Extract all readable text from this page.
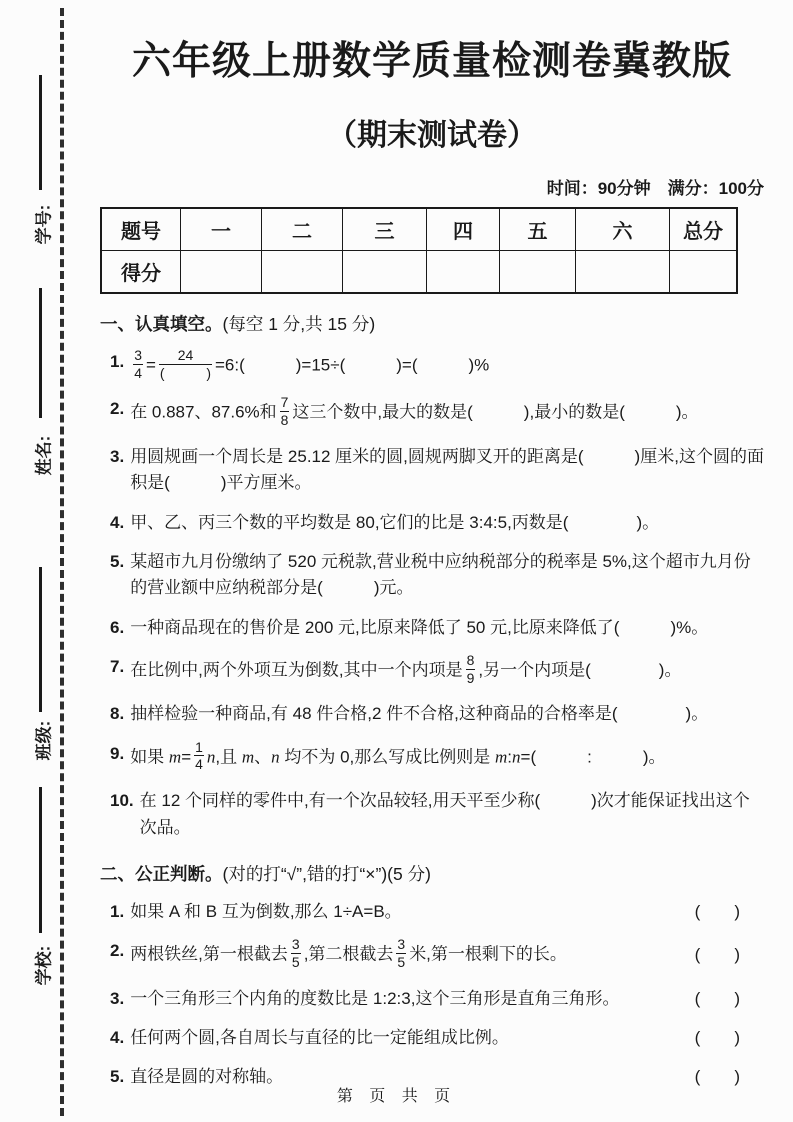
学号:
姓名:
班级:
学校:
六年级上册数学质量检测卷冀教版
（期末测试卷）
时间：90分钟　满分：100分
题号	一	二	三	四	五	六	总分
得分							
一、认真填空。(每空 1 分,共 15 分)
1. $\frac{3}{4} = \frac{24}{( )}$ =6:(　　　)=15÷(　　　)=(　　　)%
2. 在 0.887、87.6%和 $\frac{7}{8}$ 这三个数中,最大的数是(　　　),最小的数是(　　　)。
3. 用圆规画一个周长是 25.12 厘米的圆,圆规两脚叉开的距离是(　　　)厘米,这个圆的面积是(　　　)平方厘米。
4. 甲、乙、丙三个数的平均数是 80,它们的比是 3:4:5,丙数是(　　　　)。
5. 某超市九月份缴纳了 520 元税款,营业税中应纳税部分的税率是 5%,这个超市九月份的营业额中应纳税部分是(　　　)元。
6. 一种商品现在的售价是 200 元,比原来降低了 50 元,比原来降低了(　　　)%。
7. 在比例中,两个外项互为倒数,其中一个内项是 $\frac{8}{9}$ ,另一个内项是(　　　　)。
8. 抽样检验一种商品,有 48 件合格,2 件不合格,这种商品的合格率是(　　　　)。
9. 如果 $m= \frac{1}{4} n$,且 m、n 均不为 0,那么写成比例则是 m:n=(　　　:　　　)。
10. 在 12 个同样的零件中,有一个次品较轻,用天平至少称(　　　)次才能保证找出这个次品。
二、公正判断。(对的打“√”,错的打“×”)(5 分)
1. 如果 A 和 B 互为倒数,那么 1÷A=B。	(　　)
2. 两根铁丝,第一根截去 $\frac{3}{5}$ ,第二根截去 $\frac{3}{5}$ 米,第一根剩下的长。	(　　)
3. 一个三角形三个内角的度数比是 1:2:3,这个三角形是直角三角形。	(　　)
4. 任何两个圆,各自周长与直径的比一定能组成比例。	(　　)
5. 直径是圆的对称轴。	(　　)
第 页 共 页
